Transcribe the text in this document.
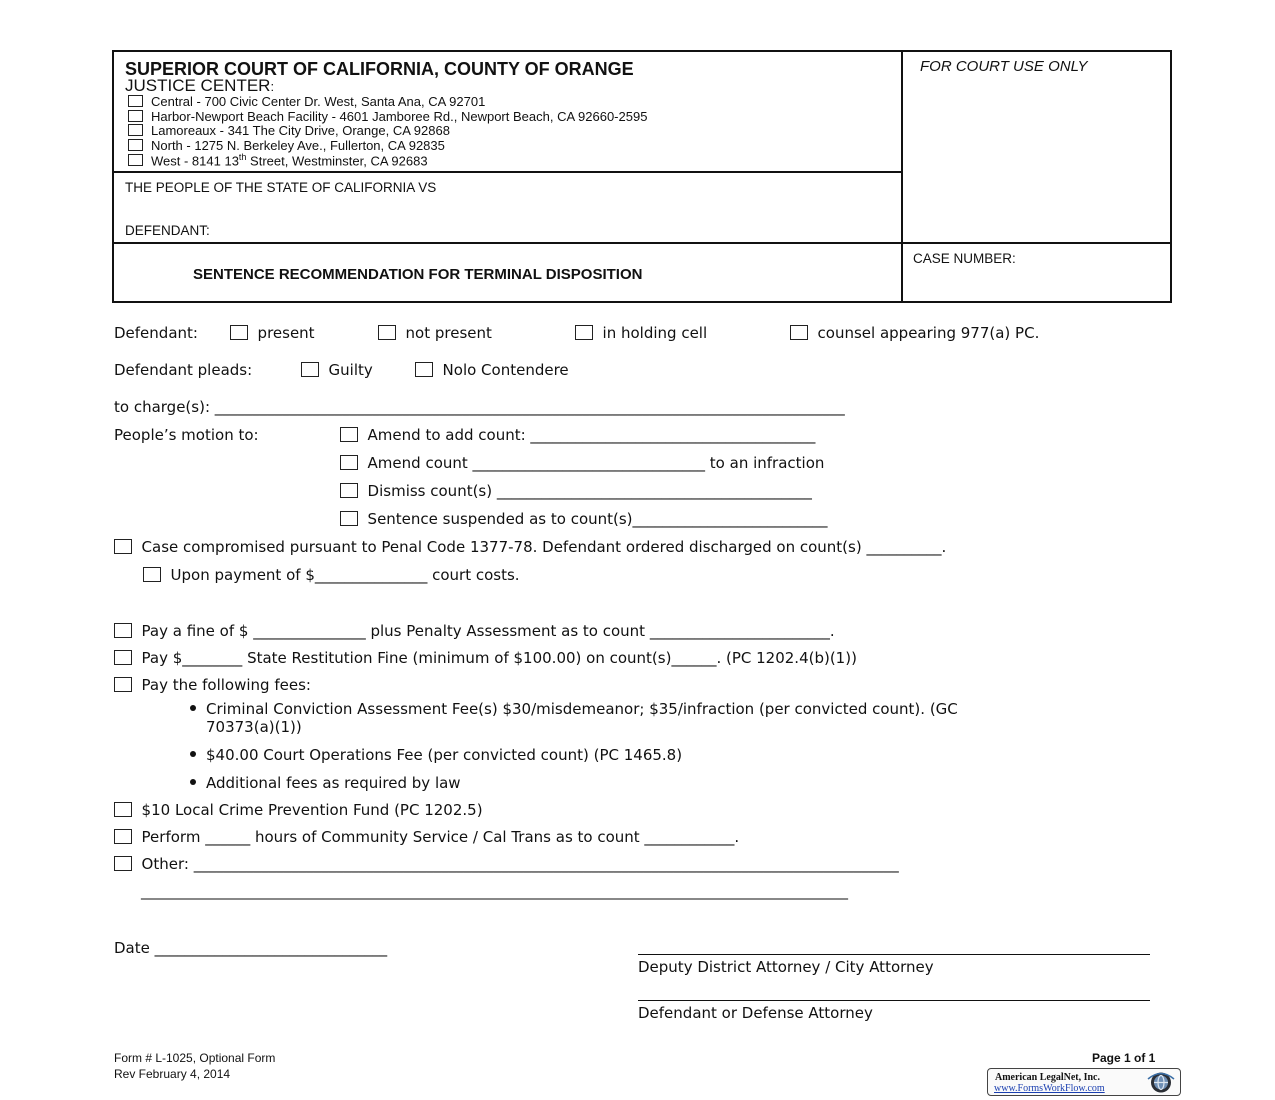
SUPERIOR COURT OF CALIFORNIA, COUNTY OF ORANGE
JUSTICE CENTER:
Central - 700 Civic Center Dr. West, Santa Ana, CA 92701
Harbor-Newport Beach Facility - 4601 Jamboree Rd., Newport Beach, CA 92660-2595
Lamoreaux - 341 The City Drive, Orange, CA 92868
North - 1275 N. Berkeley Ave., Fullerton, CA 92835
West - 8141 13th Street, Westminster, CA 92683
FOR COURT USE ONLY
THE PEOPLE OF THE STATE OF CALIFORNIA VS
DEFENDANT:
SENTENCE RECOMMENDATION FOR TERMINAL DISPOSITION
CASE NUMBER:
Defendant:	present	not present	in holding cell	counsel appearing 977(a) PC.
Defendant pleads:	Guilty	Nolo Contendere
to charge(s): ____________________________________________________________________________________
People’s motion to:	Amend to add count: ______________________________________
Amend count _______________________________ to an infraction
Dismiss count(s) __________________________________________
Sentence suspended as to count(s)__________________________
Case compromised pursuant to Penal Code 1377-78. Defendant ordered discharged on count(s) __________.
Upon payment of $_______________ court costs.
Pay a fine of $ _______________ plus Penalty Assessment as to count ________________________.
Pay $________ State Restitution Fine (minimum of $100.00) on count(s)______. (PC 1202.4(b)(1))
Pay the following fees:
Criminal Conviction Assessment Fee(s) $30/misdemeanor; $35/infraction (per convicted count). (GC
70373(a)(1))
$40.00 Court Operations Fee (per convicted count) (PC 1465.8)
Additional fees as required by law
$10 Local Crime Prevention Fund (PC 1202.5)
Perform ______ hours of Community Service / Cal Trans as to count ____________.
Other: ______________________________________________________________________________________________
_____________________________________________________________________________________________________
Date _______________________________
Deputy District Attorney / City Attorney
Defendant or Defense Attorney
Form # L-1025, Optional Form
Rev February 4, 2014
Page 1 of 1
American LegalNet, Inc.
www.FormsWorkFlow.com
